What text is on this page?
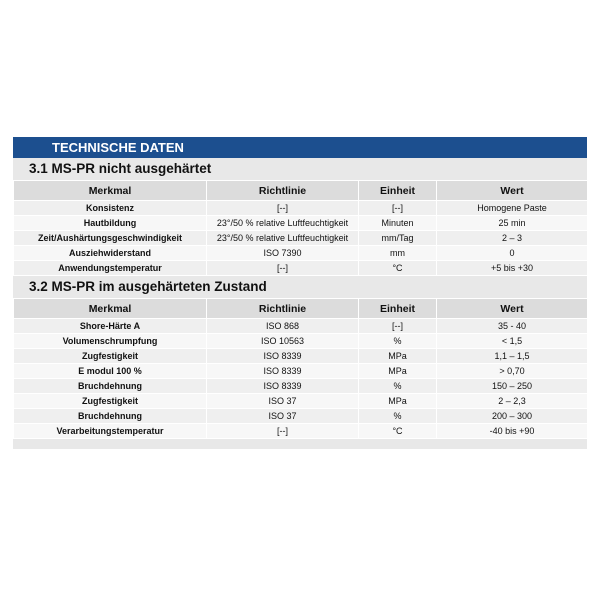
TECHNISCHE DATEN
3.1 MS-PR nicht ausgehärtet
Merkmal	Richtlinie	Einheit	Wert
Konsistenz	[--]	[--]	Homogene Paste
Hautbildung	23°/50 % relative Luftfeuchtigkeit	Minuten	25 min
Zeit/Aushärtungsgeschwindigkeit	23°/50 % relative Luftfeuchtigkeit	mm/Tag	2 – 3
Ausziehwiderstand	ISO 7390	mm	0
Anwendungstemperatur	[--]	°C	+5 bis +30
3.2 MS-PR im ausgehärteten Zustand
Merkmal	Richtlinie	Einheit	Wert
Shore-Härte A	ISO 868	[--]	35 - 40
Volumenschrumpfung	ISO 10563	%	< 1,5
Zugfestigkeit	ISO 8339	MPa	1,1 – 1,5
E modul 100 %	ISO 8339	MPa	> 0,70
Bruchdehnung	ISO 8339	%	150 – 250
Zugfestigkeit	ISO 37	MPa	2 – 2,3
Bruchdehnung	ISO 37	%	200 – 300
Verarbeitungstemperatur	[--]	°C	-40 bis +90
